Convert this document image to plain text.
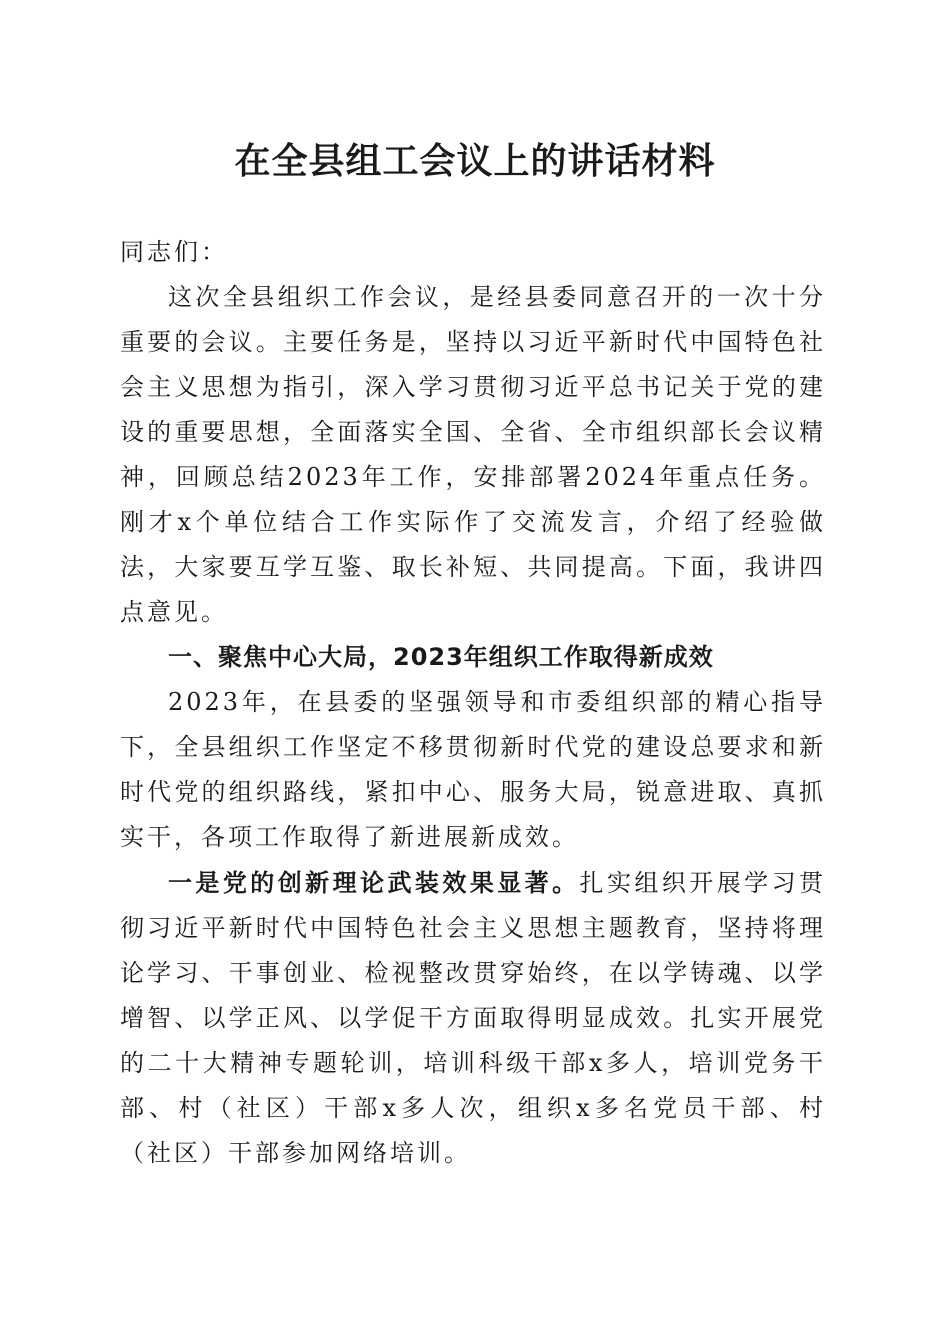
在全县组工会议上的讲话材料

同志们：

这次全县组织工作会议，是经县委同意召开的一次十分重要的会议。主要任务是，坚持以习近平新时代中国特色社会主义思想为指引，深入学习贯彻习近平总书记关于党的建设的重要思想，全面落实全国、全省、全市组织部长会议精神，回顾总结2023年工作，安排部署2024年重点任务。刚才x个单位结合工作实际作了交流发言，介绍了经验做法，大家要互学互鉴、取长补短、共同提高。下面，我讲四点意见。

一、聚焦中心大局，2023年组织工作取得新成效

2023年，在县委的坚强领导和市委组织部的精心指导下，全县组织工作坚定不移贯彻新时代党的建设总要求和新时代党的组织路线，紧扣中心、服务大局，锐意进取、真抓实干，各项工作取得了新进展新成效。

一是党的创新理论武装效果显著。扎实组织开展学习贯彻习近平新时代中国特色社会主义思想主题教育，坚持将理论学习、干事创业、检视整改贯穿始终，在以学铸魂、以学增智、以学正风、以学促干方面取得明显成效。扎实开展党的二十大精神专题轮训，培训科级干部x多人，培训党务干部、村（社区）干部x多人次，组织x多名党员干部、村（社区）干部参加网络培训。
